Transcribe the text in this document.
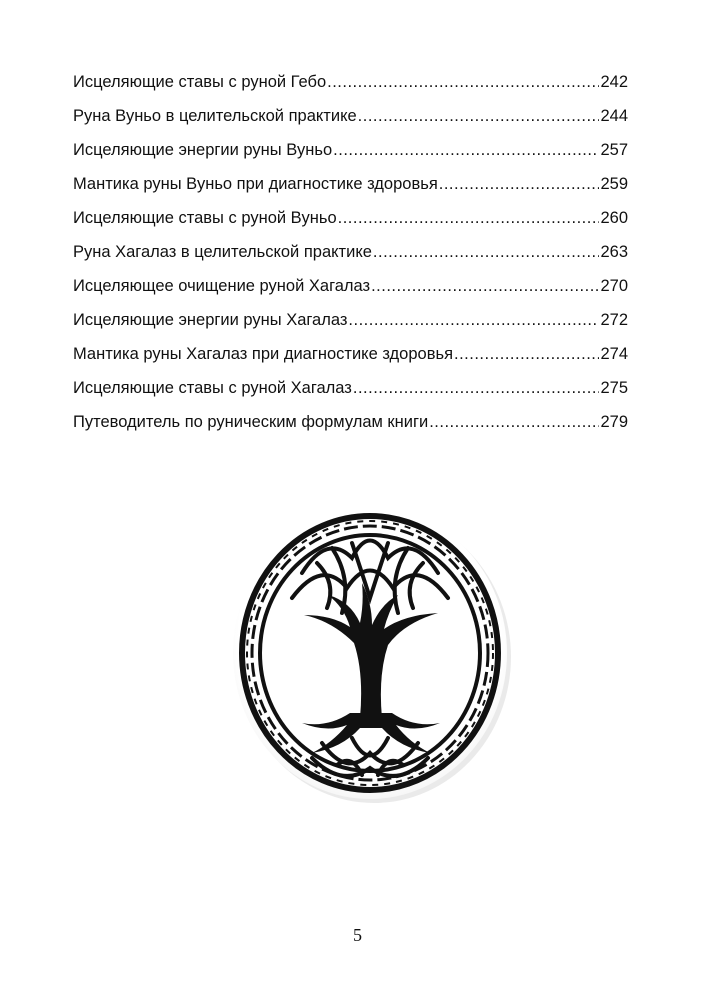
Исцеляющие ставы с руной Гебо .....	242
Руна Вуньо в целительской практике .....	244
Исцеляющие энергии руны Вуньо .....	257
Мантика руны Вуньо при диагностике здоровья .....	259
Исцеляющие ставы с руной Вуньо .....	260
Руна Хагалаз в целительской практике .....	263
Исцеляющее очищение руной Хагалаз .....	270
Исцеляющие энергии руны Хагалаз .....	272
Мантика руны Хагалаз при диагностике здоровья .....	274
Исцеляющие ставы с руной Хагалаз .....	275
Путеводитель по руническим формулам книги .....	279
5
